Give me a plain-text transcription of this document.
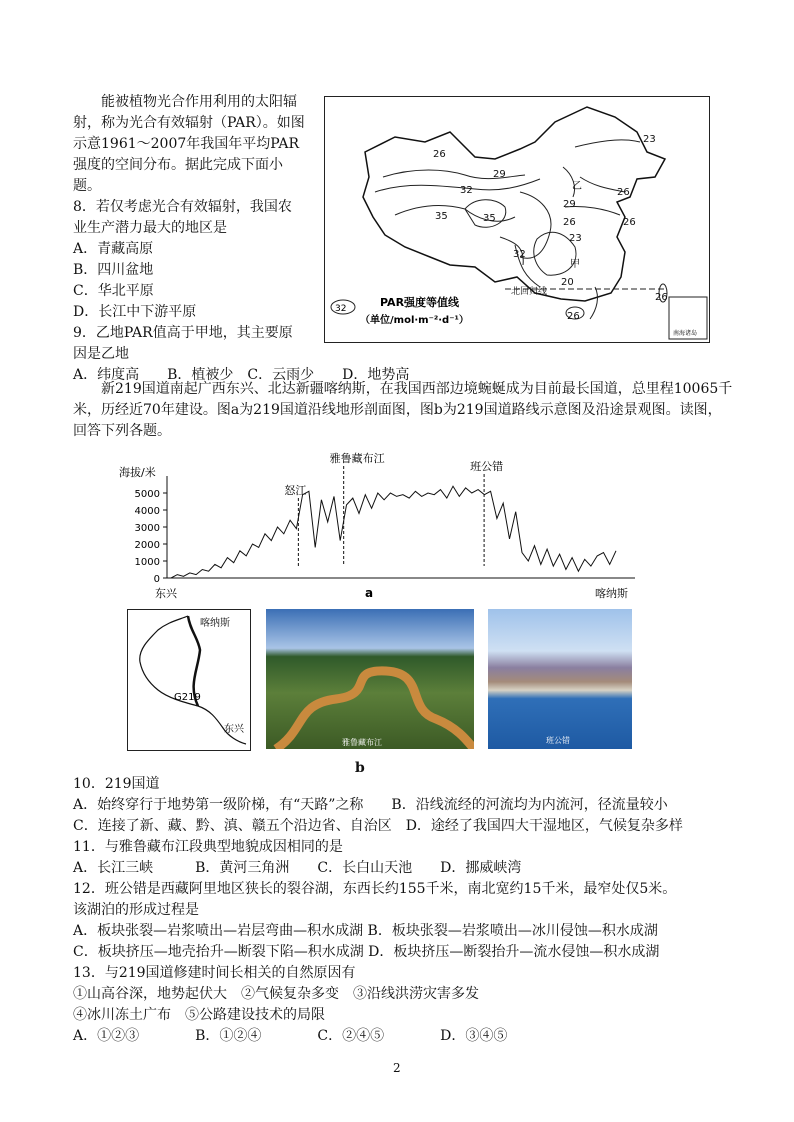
能被植物光合作用利用的太阳辐射，称为光合有效辐射（PAR）。如图示意1961～2007年我国年平均PAR强度的空间分布。据此完成下面小题。
8．若仅考虑光合有效辐射，我国农
业生产潜力最大的地区是
A．青藏高原
B．四川盆地
C．华北平原
D．长江中下游平原
9．乙地PAR值高于甲地，其主要原
因是乙地
A．纬度高　　B．植被少　C．云雨少　　D．地势高
南海诸岛
23
26
29
32
35	35	26
23
26
29
32
26
26
20
26
乙
甲
北回归线
32	PAR强度等值线
（单位/mol·m⁻²·d⁻¹）
新219国道南起广西东兴、北达新疆喀纳斯，在我国西部边境蜿蜒成为目前最长国道，总里程10065千米，历经近70年建设。图a为219国道沿线地形剖面图，图b为219国道路线示意图及沿途景观图。读图，回答下列各题。
海拔/米
0
1000
2000
3000
4000
5000	怒江
雅鲁藏布江
班公错
东兴	喀纳斯
a
喀纳斯
G219
东兴
雅鲁藏布江	班公错
b
10．219国道
A．始终穿行于地势第一级阶梯，有“天路”之称　　B．沿线流经的河流均为内流河，径流量较小
C．连接了新、藏、黔、滇、赣五个沿边省、自治区　D．途经了我国四大干湿地区，气候复杂多样
11．与雅鲁藏布江段典型地貌成因相同的是
A．长江三峡　　　B．黄河三角洲　　C．长白山天池　　D．挪威峡湾
12．班公错是西藏阿里地区狭长的裂谷湖，东西长约155千米，南北宽约15千米，最窄处仅5米。
该湖泊的形成过程是
A．板块张裂—岩浆喷出—岩层弯曲—积水成湖 B．板块张裂—岩浆喷出—冰川侵蚀—积水成湖
C．板块挤压—地壳抬升—断裂下陷—积水成湖 D．板块挤压—断裂抬升—流水侵蚀—积水成湖
13．与219国道修建时间长相关的自然原因有
①山高谷深，地势起伏大　②气候复杂多变　③沿线洪涝灾害多发
④冰川冻土广布　⑤公路建设技术的局限
A．①②③　　　　B．①②④　　　　C．②④⑤　　　　D．③④⑤
2
